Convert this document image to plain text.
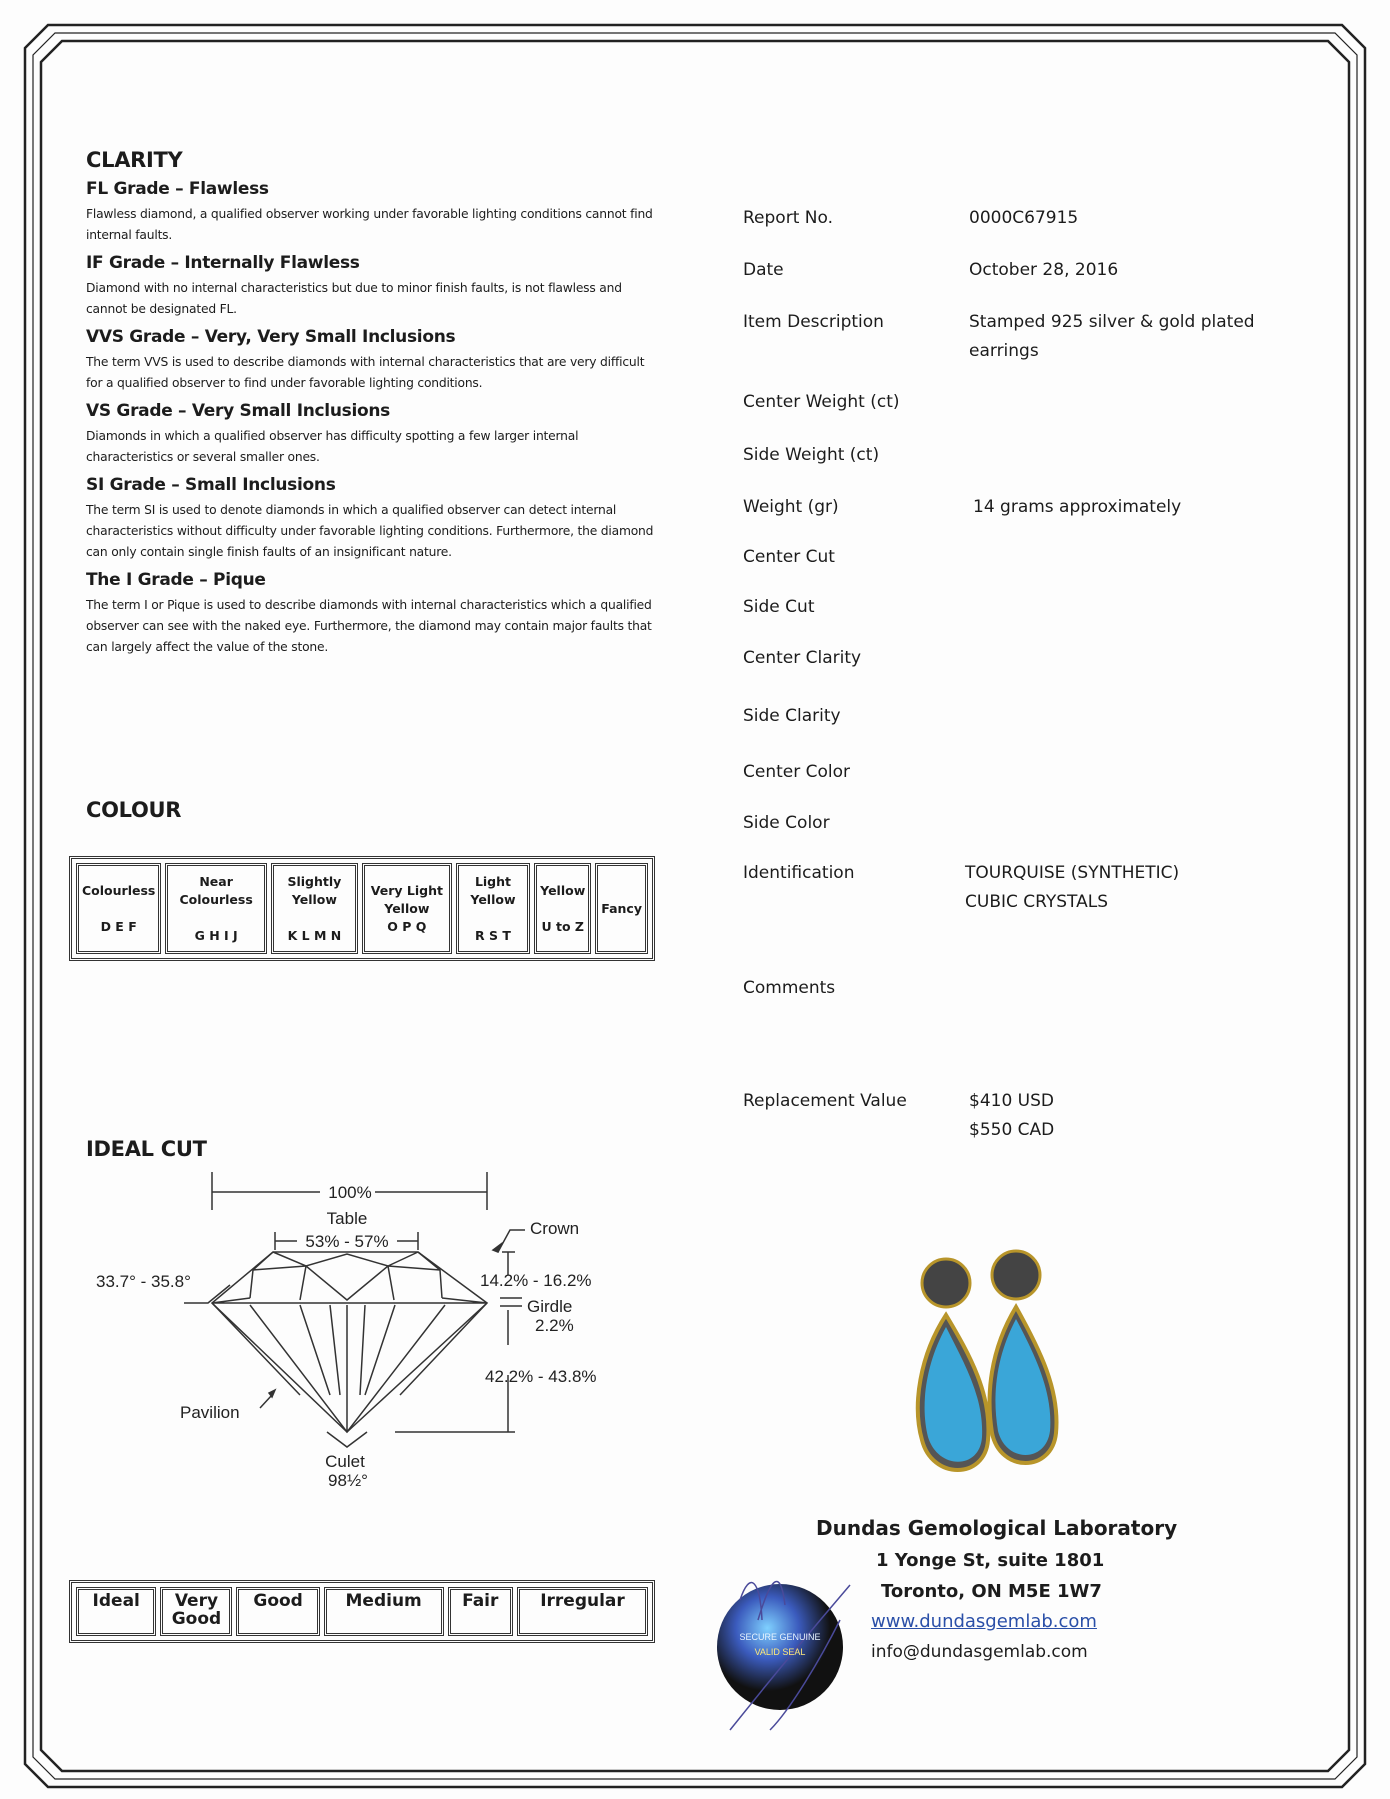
CLARITY

FL Grade – Flawless

Flawless diamond, a qualified observer working under favorable lighting conditions cannot find internal faults.

IF Grade – Internally Flawless

Diamond with no internal characteristics but due to minor finish faults, is not flawless and cannot be designated FL.

VVS Grade – Very, Very Small Inclusions

The term VVS is used to describe diamonds with internal characteristics that are very difficult for a qualified observer to find under favorable lighting conditions.

VS Grade – Very Small Inclusions

Diamonds in which a qualified observer has difficulty spotting a few larger internal characteristics or several smaller ones.

SI Grade – Small Inclusions

The term SI is used to denote diamonds in which a qualified observer can detect internal characteristics without difficulty under favorable lighting conditions. Furthermore, the diamond can only contain single finish faults of an insignificant nature.

The I Grade – Pique

The term I or Pique is used to describe diamonds with internal characteristics which a qualified observer can see with the naked eye. Furthermore, the diamond may contain major faults that can largely affect the value of the stone.

COLOUR

Colourless

D E F	Near Colourless

G H I J	Slightly Yellow

K L M N	Very Light Yellow
O P Q	Light Yellow

R S T	Yellow

U to Z	Fancy

IDEAL CUT

100%
Table
53% - 57%
Crown
33.7° - 35.8°	14.2% - 16.2%
Girdle
2.2%
42.2% - 43.8%
Pavilion
Culet
98½°
Ideal	Very Good	Good	Medium	Fair	Irregular
Report No.	0000C67915
Date	October 28, 2016
Item Description	Stamped 925 silver & gold plated
earrings
Center Weight (ct)
Side Weight (ct)
Weight (gr)	14 grams approximately
Center Cut
Side Cut
Center Clarity
Side Clarity
Center Color
Side Color
Identification	TOURQUISE (SYNTHETIC)
CUBIC CRYSTALS
Comments
Replacement Value	$410 USD
$550 CAD
Dundas Gemological Laboratory
1 Yonge St, suite 1801
Toronto, ON M5E 1W7
www.dundasgemlab.com
info@dundasgemlab.com
SECURE GENUINE
VALID SEAL
